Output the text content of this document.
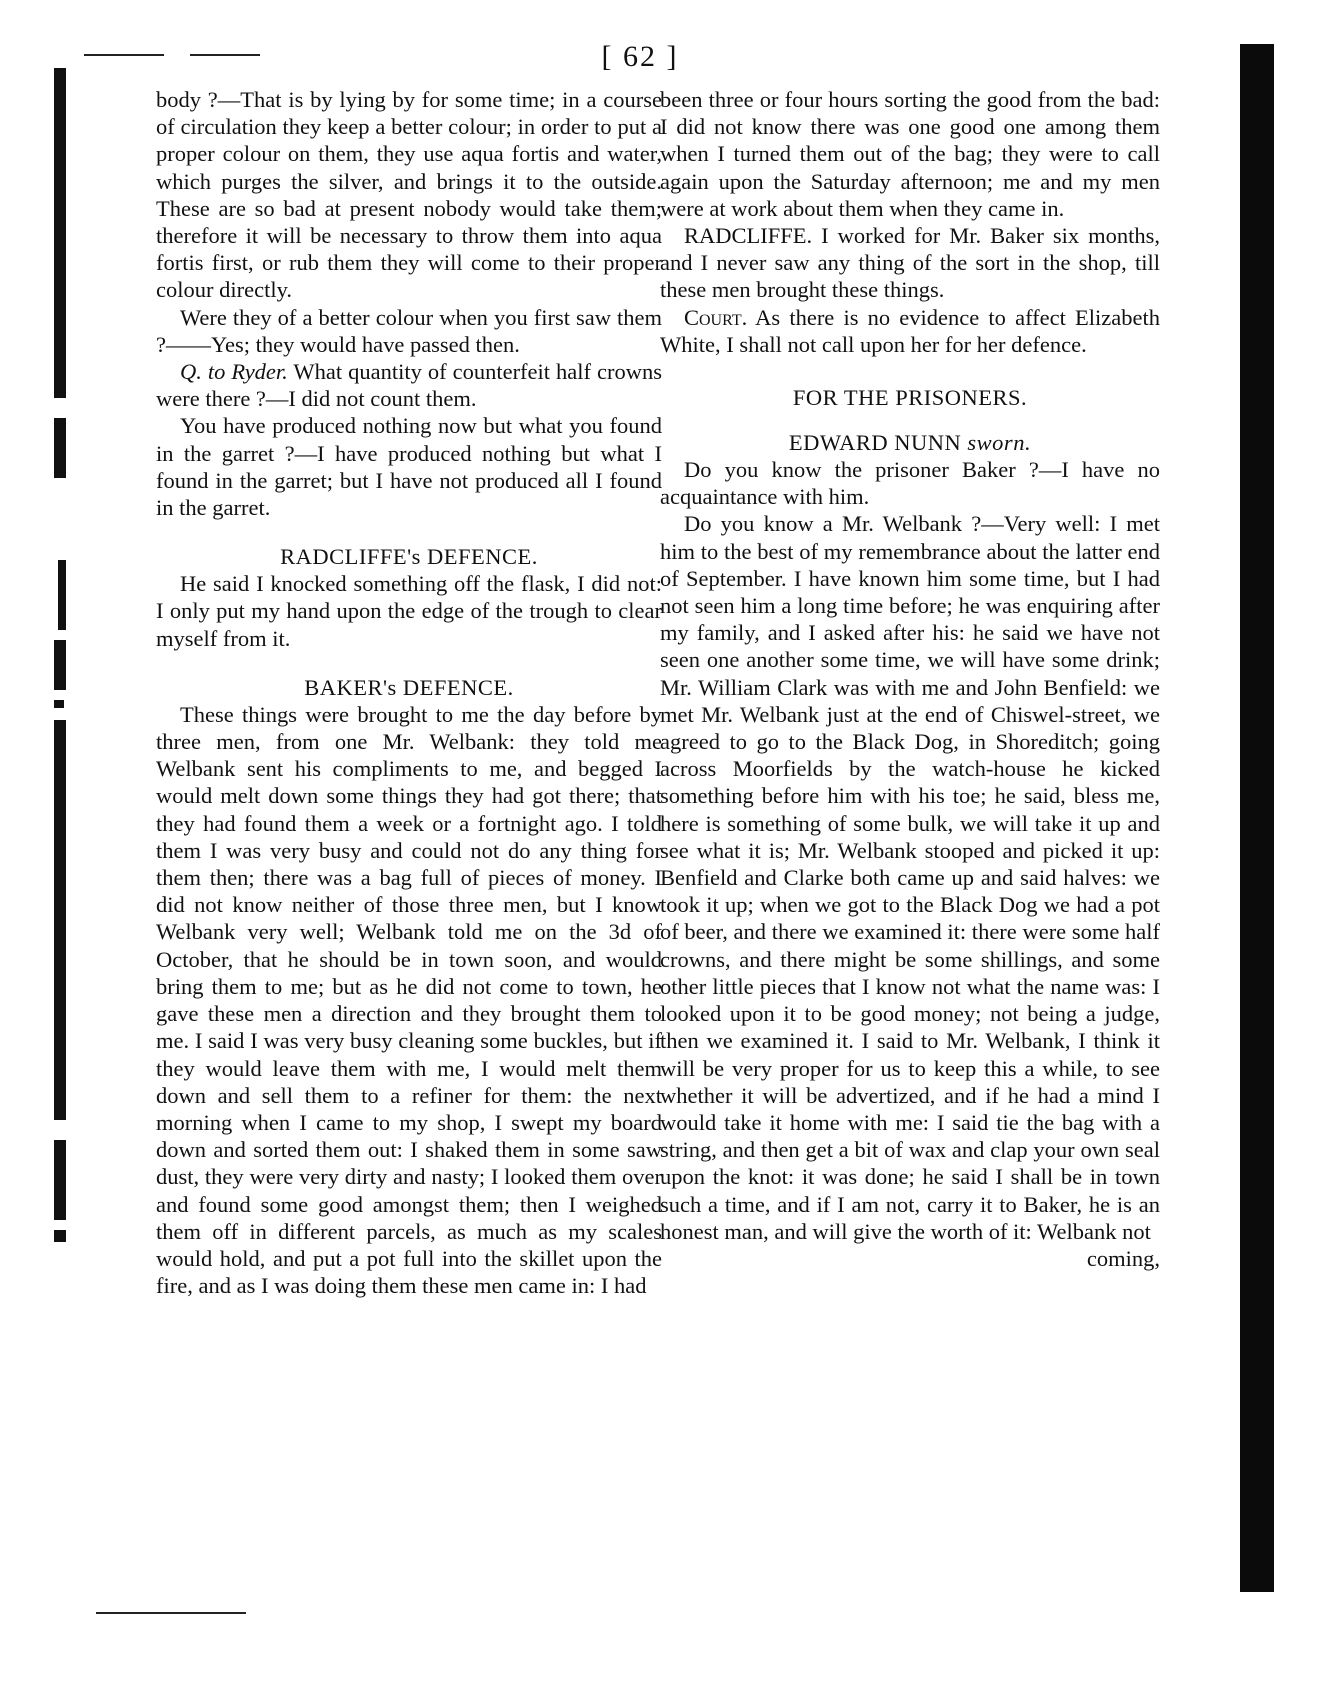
[ 62 ]

body ?—That is by lying by for some time; in a course of circulation they keep a better colour; in order to put a proper colour on them, they use aqua fortis and water, which purges the silver, and brings it to the outside. These are so bad at present nobody would take them; therefore it will be necessary to throw them into aqua fortis first, or rub them they will come to their proper colour directly.

Were they of a better colour when you first saw them ?——Yes; they would have passed then.

Q. to Ryder. What quantity of counterfeit half crowns were there ?—I did not count them.

You have produced nothing now but what you found in the garret ?—I have produced nothing but what I found in the garret; but I have not produced all I found in the garret.

RADCLIFFE's DEFENCE.

He said I knocked something off the flask, I did not: I only put my hand upon the edge of the trough to clear myself from it.

BAKER's DEFENCE.

These things were brought to me the day before by three men, from one Mr. Welbank: they told me Welbank sent his compliments to me, and begged I would melt down some things they had got there; that they had found them a week or a fortnight ago. I told them I was very busy and could not do any thing for them then; there was a bag full of pieces of money. I did not know neither of those three men, but I know Welbank very well; Welbank told me on the 3d of October, that he should be in town soon, and would bring them to me; but as he did not come to town, he gave these men a direction and they brought them to me. I said I was very busy cleaning some buckles, but if they would leave them with me, I would melt them down and sell them to a refiner for them: the next morning when I came to my shop, I swept my board down and sorted them out: I shaked them in some saw dust, they were very dirty and nasty; I looked them over and found some good amongst them; then I weighed them off in different parcels, as much as my scales would hold, and put a pot full into the skillet upon the fire, and as I was doing them these men came in: I had

been three or four hours sorting the good from the bad: I did not know there was one good one among them when I turned them out of the bag; they were to call again upon the Saturday afternoon; me and my men were at work about them when they came in.

RADCLIFFE. I worked for Mr. Baker six months, and I never saw any thing of the sort in the shop, till these men brought these things.

Court. As there is no evidence to affect Elizabeth White, I shall not call upon her for her defence.

FOR THE PRISONERS.
EDWARD NUNN sworn.

Do you know the prisoner Baker ?—I have no acquaintance with him.

Do you know a Mr. Welbank ?—Very well: I met him to the best of my remembrance about the latter end of September. I have known him some time, but I had not seen him a long time before; he was enquiring after my family, and I asked after his: he said we have not seen one another some time, we will have some drink; Mr. William Clark was with me and John Benfield: we met Mr. Welbank just at the end of Chiswel-street, we agreed to go to the Black Dog, in Shoreditch; going across Moorfields by the watch-house he kicked something before him with his toe; he said, bless me, here is something of some bulk, we will take it up and see what it is; Mr. Welbank stooped and picked it up: Benfield and Clarke both came up and said halves: we took it up; when we got to the Black Dog we had a pot of beer, and there we examined it: there were some half crowns, and there might be some shillings, and some other little pieces that I know not what the name was: I looked upon it to be good money; not being a judge, then we examined it. I said to Mr. Welbank, I think it will be very proper for us to keep this a while, to see whether it will be advertized, and if he had a mind I would take it home with me: I said tie the bag with a string, and then get a bit of wax and clap your own seal upon the knot: it was done; he said I shall be in town such a time, and if I am not, carry it to Baker, he is an honest man, and will give the worth of it: Welbank not

coming,
